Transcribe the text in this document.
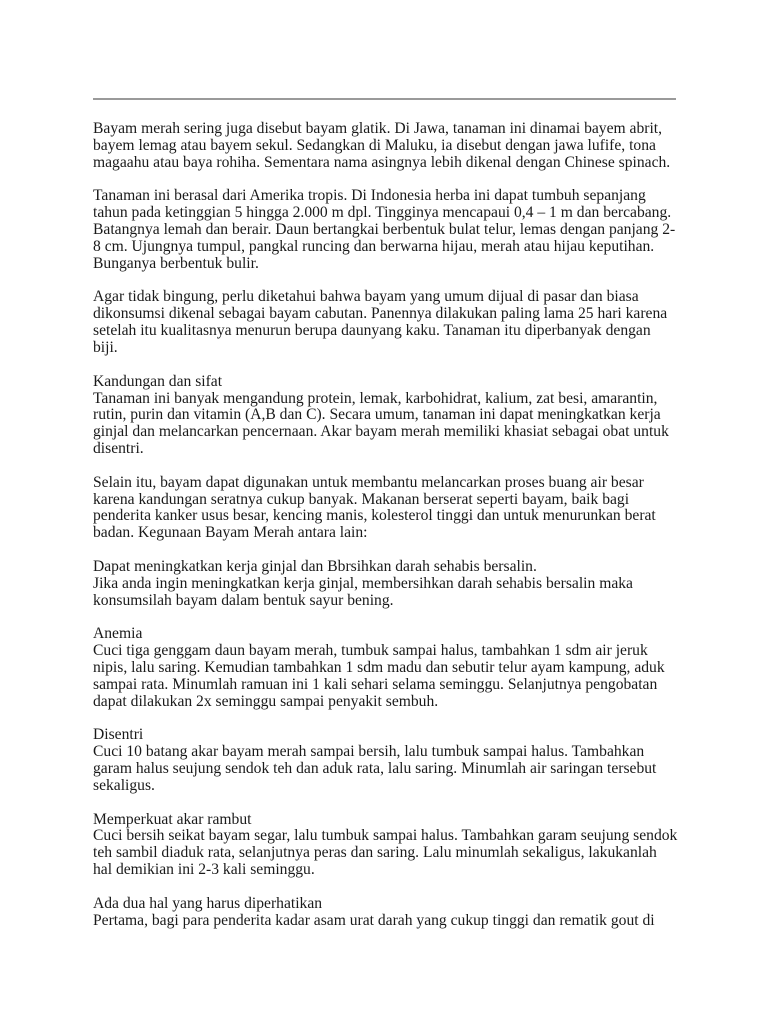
Bayam merah sering juga disebut bayam glatik. Di Jawa, tanaman ini dinamai bayem abrit,
bayem lemag atau bayem sekul. Sedangkan di Maluku, ia disebut dengan jawa lufife, tona
magaahu atau baya rohiha. Sementara nama asingnya lebih dikenal dengan Chinese spinach.
Tanaman ini berasal dari Amerika tropis. Di Indonesia herba ini dapat tumbuh sepanjang
tahun pada ketinggian 5 hingga 2.000 m dpl. Tingginya mencapaui 0,4 – 1 m dan bercabang.
Batangnya lemah dan berair. Daun bertangkai berbentuk bulat telur, lemas dengan panjang 2-
8 cm. Ujungnya tumpul, pangkal runcing dan berwarna hijau, merah atau hijau keputihan.
Bunganya berbentuk bulir.
Agar tidak bingung, perlu diketahui bahwa bayam yang umum dijual di pasar dan biasa
dikonsumsi dikenal sebagai bayam cabutan. Panennya dilakukan paling lama 25 hari karena
setelah itu kualitasnya menurun berupa daunyang kaku. Tanaman itu diperbanyak dengan
biji.
Kandungan dan sifat
Tanaman ini banyak mengandung protein, lemak, karbohidrat, kalium, zat besi, amarantin,
rutin, purin dan vitamin (A,B dan C). Secara umum, tanaman ini dapat meningkatkan kerja
ginjal dan melancarkan pencernaan. Akar bayam merah memiliki khasiat sebagai obat untuk
disentri.
Selain itu, bayam dapat digunakan untuk membantu melancarkan proses buang air besar
karena kandungan seratnya cukup banyak. Makanan berserat seperti bayam, baik bagi
penderita kanker usus besar, kencing manis, kolesterol tinggi dan untuk menurunkan berat
badan. Kegunaan Bayam Merah antara lain:
Dapat meningkatkan kerja ginjal dan Bbrsihkan darah sehabis bersalin.
Jika anda ingin meningkatkan kerja ginjal, membersihkan darah sehabis bersalin maka
konsumsilah bayam dalam bentuk sayur bening.
Anemia
Cuci tiga genggam daun bayam merah, tumbuk sampai halus, tambahkan 1 sdm air jeruk
nipis, lalu saring. Kemudian tambahkan 1 sdm madu dan sebutir telur ayam kampung, aduk
sampai rata. Minumlah ramuan ini 1 kali sehari selama seminggu. Selanjutnya pengobatan
dapat dilakukan 2x seminggu sampai penyakit sembuh.
Disentri
Cuci 10 batang akar bayam merah sampai bersih, lalu tumbuk sampai halus. Tambahkan
garam halus seujung sendok teh dan aduk rata, lalu saring. Minumlah air saringan tersebut
sekaligus.
Memperkuat akar rambut
Cuci bersih seikat bayam segar, lalu tumbuk sampai halus. Tambahkan garam seujung sendok
teh sambil diaduk rata, selanjutnya peras dan saring. Lalu minumlah sekaligus, lakukanlah
hal demikian ini 2-3 kali seminggu.
Ada dua hal yang harus diperhatikan
Pertama, bagi para penderita kadar asam urat darah yang cukup tinggi dan rematik gout di
